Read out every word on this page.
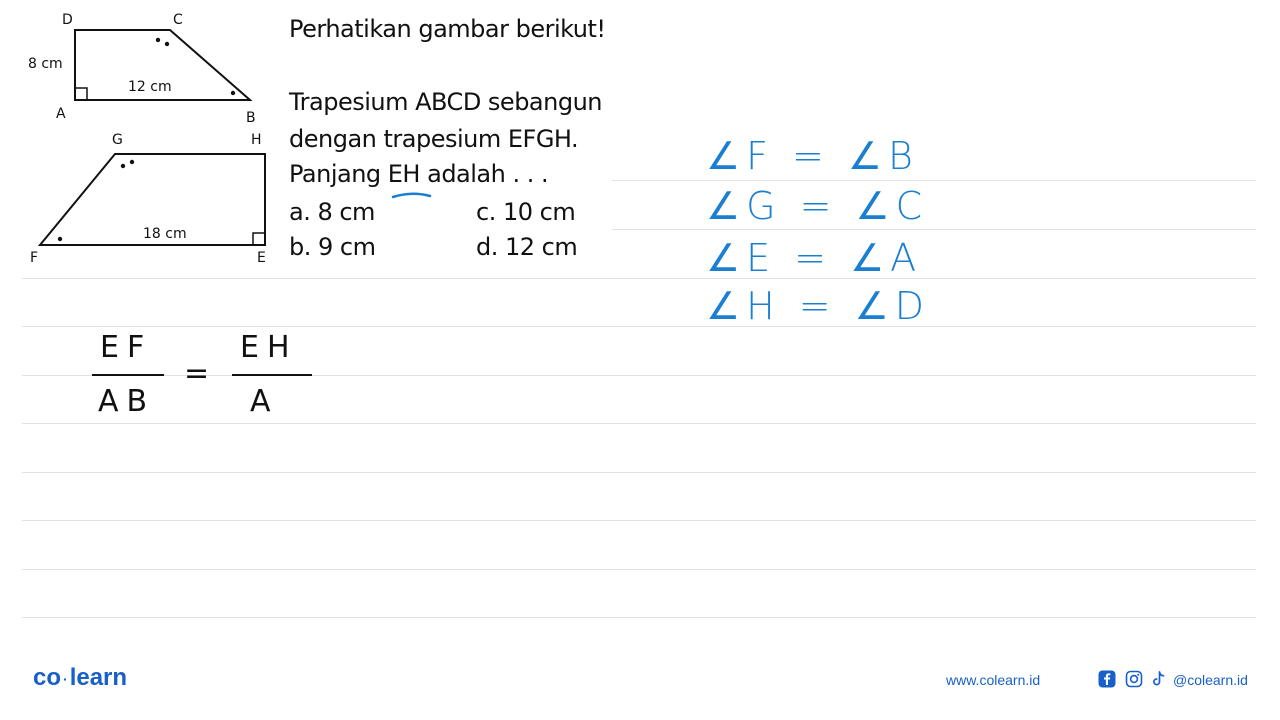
D	C
8 cm
12 cm
A	B
G	H
18 cm
F	E
Perhatikan gambar berikut!
Trapesium ABCD sebangun
dengan trapesium EFGH.
Panjang EH adalah . . .
a. 8 cm	c. 10 cm
b. 9 cm	d. 12 cm
∠F = ∠B
∠G = ∠C
∠E = ∠A
∠H = ∠D
EF
AB
=
EH
A
co ·learn	www.colearn.id	@colearn.id
